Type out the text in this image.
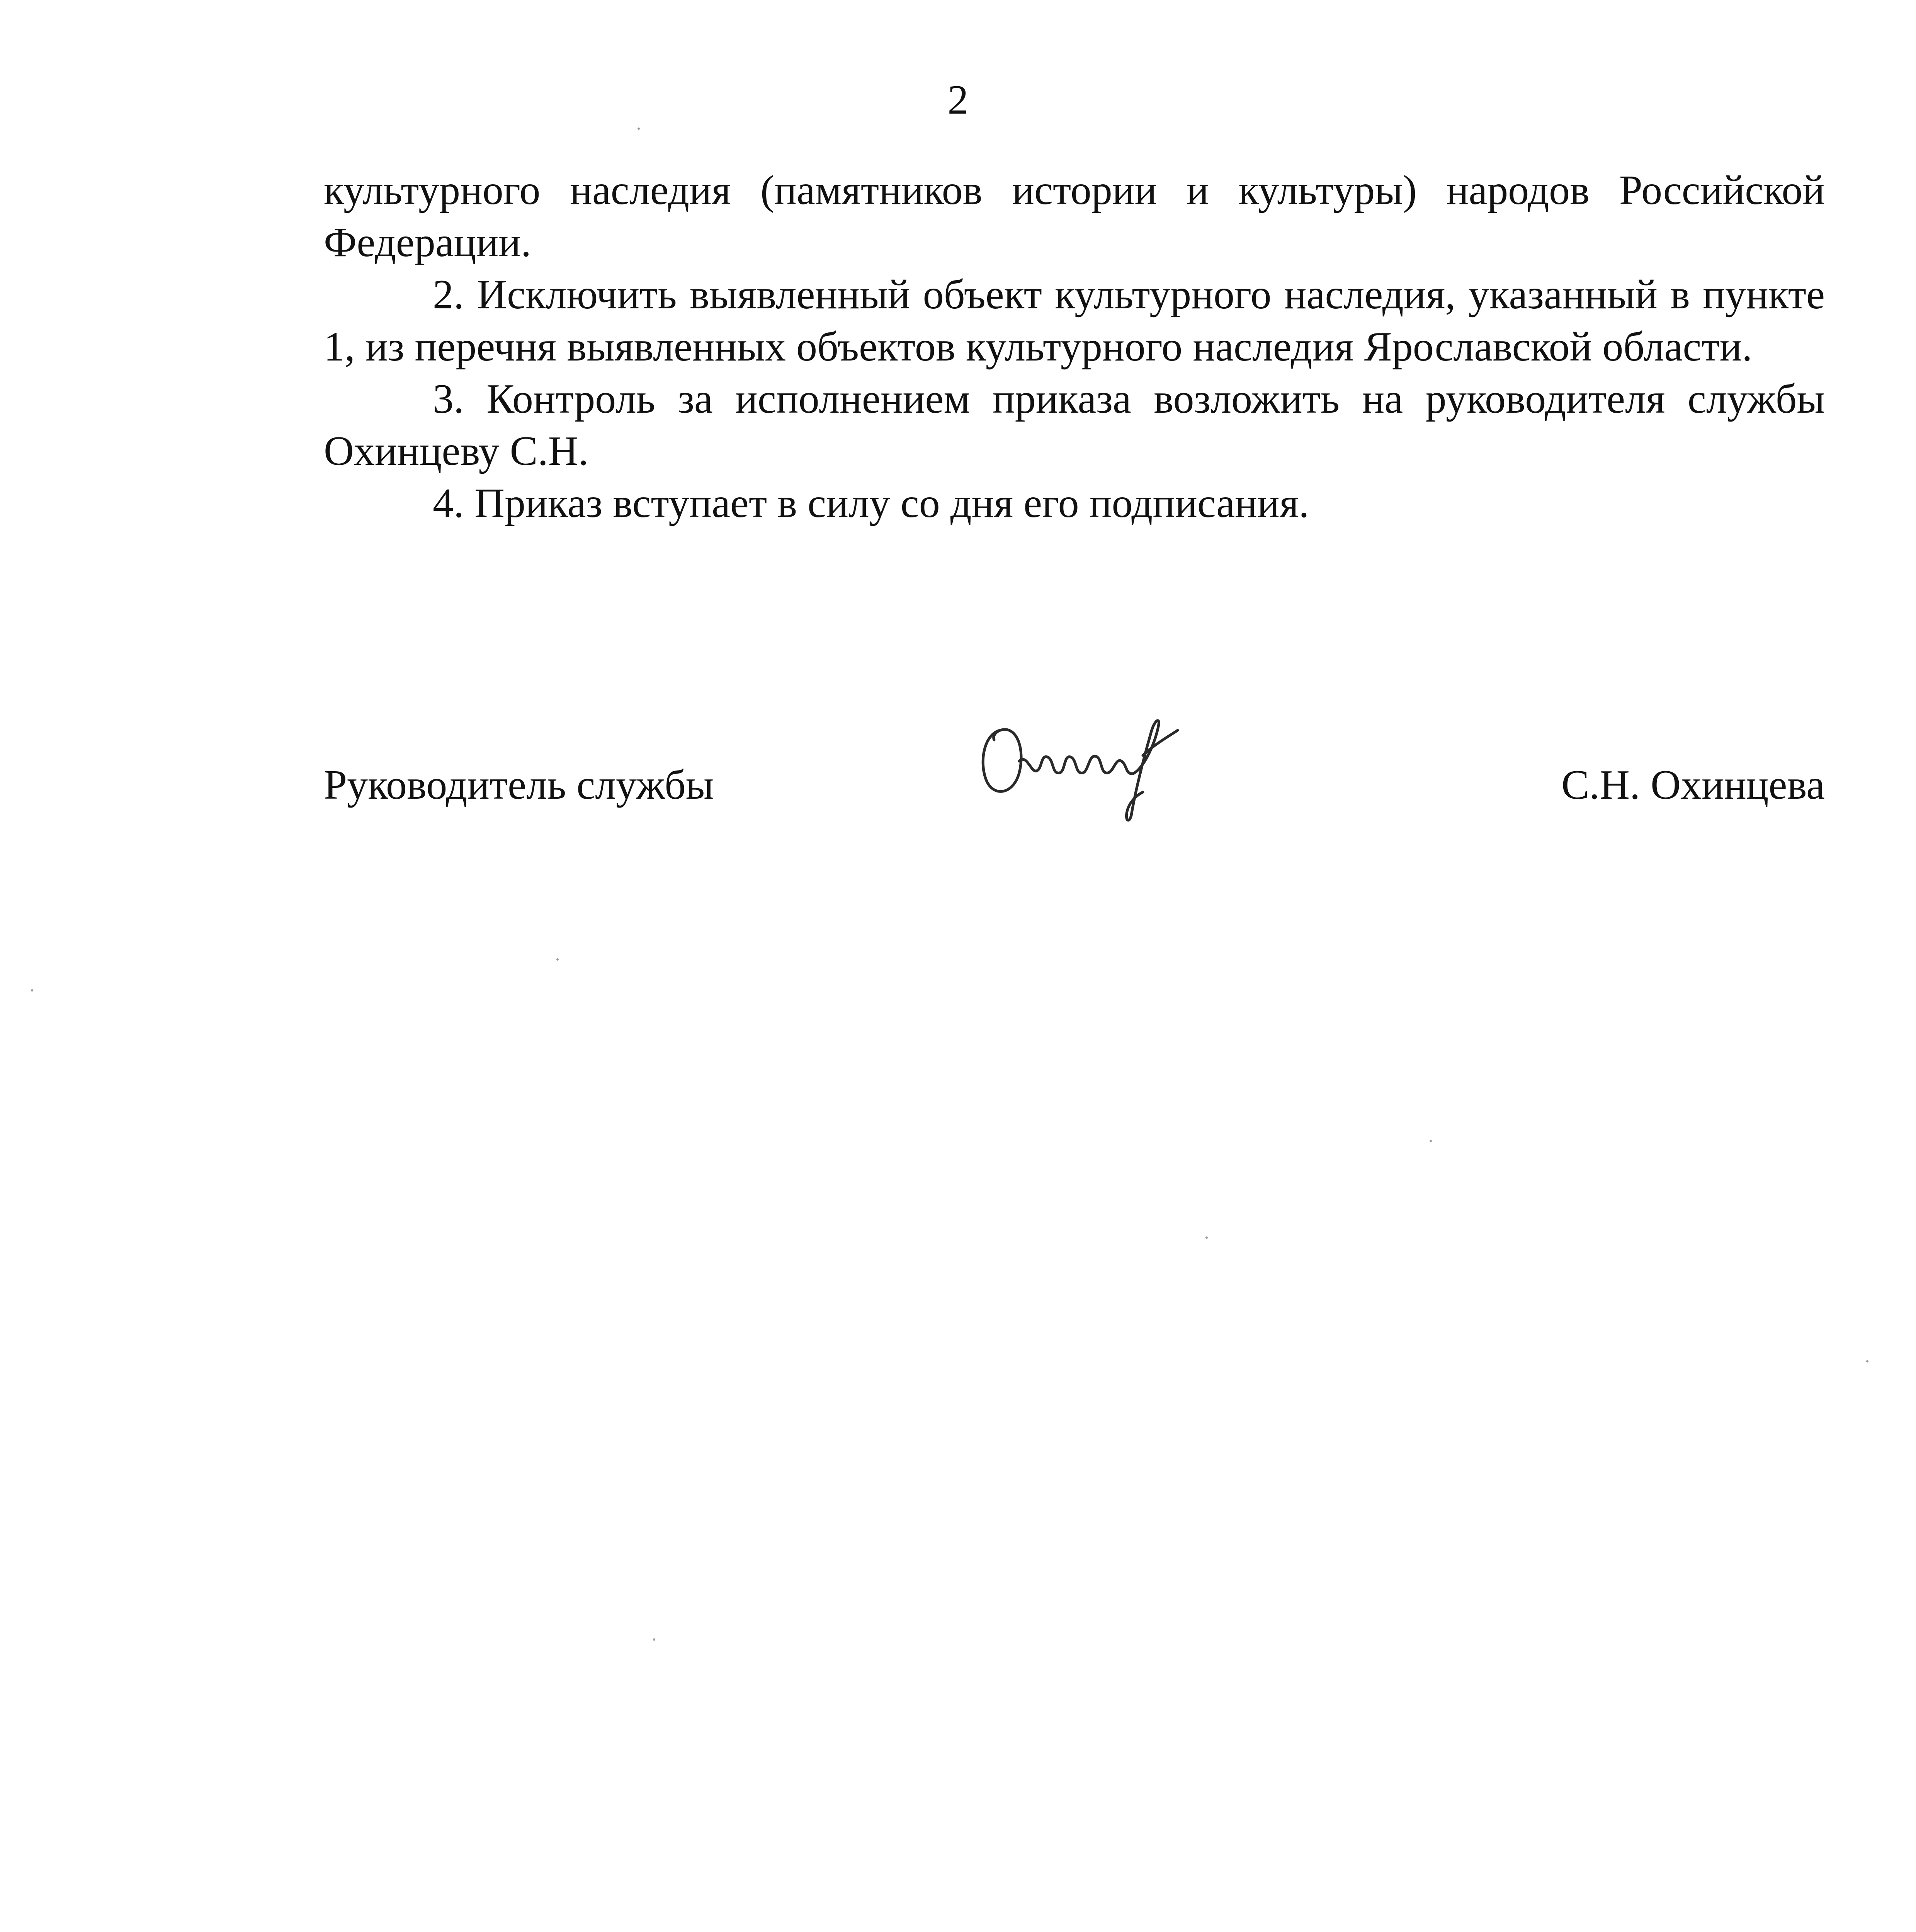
2

культурного наследия (памятников истории и культуры) народов Российской Федерации.

2. Исключить выявленный объект культурного наследия, указанный в пункте 1, из перечня выявленных объектов культурного наследия Ярославской области.

3. Контроль за исполнением приказа возложить на руководителя службы Охинцеву С.Н.

4. Приказ вступает в силу со дня его подписания.

Руководитель службы	С.Н. Охинцева
